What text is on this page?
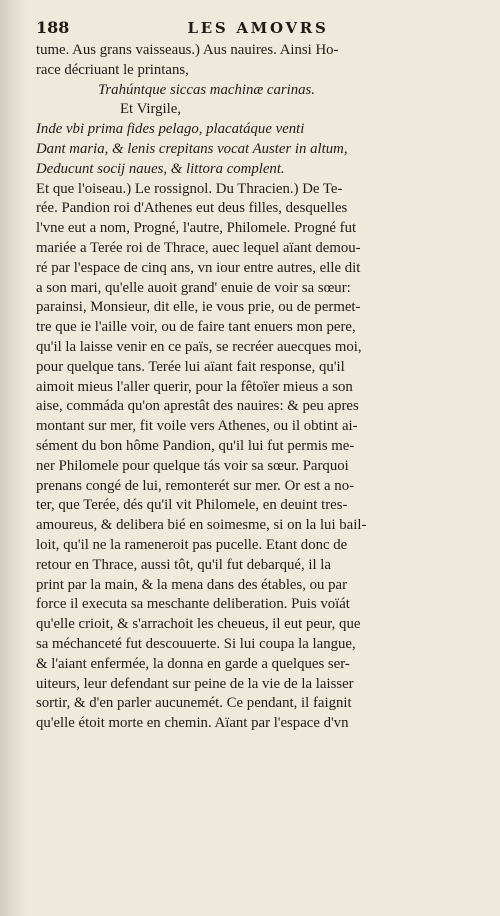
188	LES AMOVRS
tume. Aus grans vaisseaus.) Aus nauires. Ainsi Ho-
race décriuant le printans,
Trahúntque siccas machinæ carinas.
Et Virgile,
Inde vbi prima fides pelago, placatáque venti
Dant maria, & lenis crepitans vocat Auster in altum,
Deducunt socij naues, & littora complent.
Et que l'oiseau.) Le rossignol. Du Thracien.) De Te-
rée. Pandion roi d'Athenes eut deus filles, desquelles
l'vne eut a nom, Progné, l'autre, Philomele. Progné fut
mariée a Terée roi de Thrace, auec lequel aïant demou-
ré par l'espace de cinq ans, vn iour entre autres, elle dit
a son mari, qu'elle auoit grand' enuie de voir sa sœur:
parainsi, Monsieur, dit elle, ie vous prie, ou de permet-
tre que ie l'aille voir, ou de faire tant enuers mon pere,
qu'il la laisse venir en ce païs, se recréer auecques moi,
pour quelque tans. Terée lui aïant fait response, qu'il
aimoit mieus l'aller querir, pour la fêtoïer mieus a son
aise, commáda qu'on aprestât des nauires: & peu apres
montant sur mer, fit voile vers Athenes, ou il obtint ai-
sément du bon hôme Pandion, qu'il lui fut permis me-
ner Philomele pour quelque tás voir sa sœur. Parquoi
prenans congé de lui, remonterét sur mer. Or est a no-
ter, que Terée, dés qu'il vit Philomele, en deuint tres-
amoureus, & delibera bié en soimesme, si on la lui bail-
loit, qu'il ne la rameneroit pas pucelle. Etant donc de
retour en Thrace, aussi tôt, qu'il fut debarqué, il la
print par la main, & la mena dans des étables, ou par
force il executa sa meschante deliberation. Puis voïát
qu'elle crioit, & s'arrachoit les cheueus, il eut peur, que
sa méchanceté fut descouuerte. Si lui coupa la langue,
& l'aiant enfermée, la donna en garde a quelques ser-
uiteurs, leur defendant sur peine de la vie de la laisser
sortir, & d'en parler aucunemét. Ce pendant, il faignit
qu'elle étoit morte en chemin. Aïant par l'espace d'vn
